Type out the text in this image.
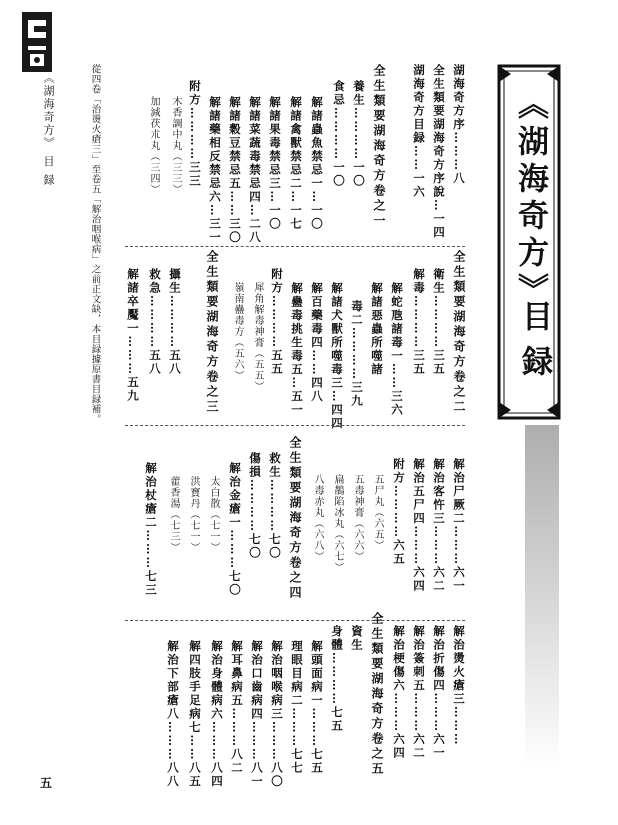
《湖海奇方》 目 録
五
從四卷「治燙火瘡三」至卷五「解治咽喉病」之前正文缺，本目録據原書目録補。	《湖海奇方》
目録
湖海奇方序………八
全生類要湖海奇方序說…一四
湖海奇方目録……一六
全生類要湖海奇方卷之一
養生…………一〇
食忌…………一〇
解諸蟲魚禁忌一…一〇
解諸禽獸禁忌二…一七
解諸果毒禁忌三…一〇
解諸菜蔬毒禁忌四…二八
解諸穀豆禁忌五……三〇
解諸藥相反禁忌六…三一
附方…………三三
木香調中丸（三三）
加減茯朮丸（三四）
全生類要湖海奇方卷之二
衛生…………三五
解毒…………三五
解蛇虺諸毒一……三六
解諸惡蟲所噬諸
毒二…………三九
解諸犬獸所噬毒三…四四
解百藥毒四……四八
解蠱毒挑生毒五…五一
附方…………五五
犀角解毒神膏（五五）
嶺南蠱毒方（五六）
全生類要湖海奇方卷之三
攝生…………五八
救急…………五八
解諸卒魘一………五九
解治尸厥二………六一
解治客忤三………六二
解治五尸四………六四
附方…………六五
五尸丸（六五）
五毒神膏（六六）
扁鵲陷冰丸（六七）
八毒赤丸（六八）
全生類要湖海奇方卷之四
救生…………七〇
傷損…………七〇
解治金瘡一………七〇
太白散（七一）
洪寶丹（七一）
藿香湯（七三）
解治杖瘡二………七三
解治燙火瘡三………
解治折傷四………六一
解治簽刺五………六二
解治梗傷六………六四
全生類要湖海奇方卷之五
資生
身體…………七五
解頭面病一………七五
理眼目病二………七七
解治咽喉病三………八〇
解治口齒病四………八一
解耳鼻病五………八二
解治身體病六………八四
解四肢手足病七……八五
解治下部瘡八………八八
